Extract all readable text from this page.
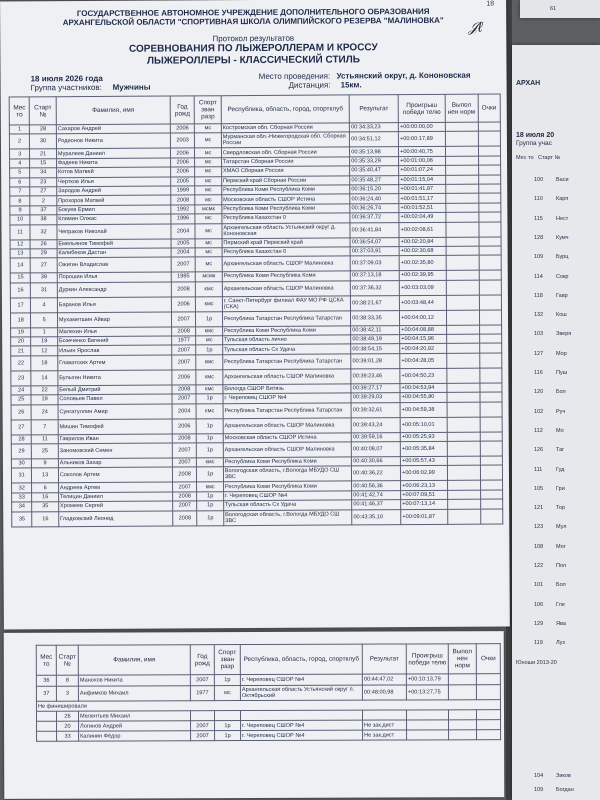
61
18
ГОСУДАРСТВЕННОЕ АВТОНОМНОЕ УЧРЕЖДЕНИЕ ДОПОЛНИТЕЛЬНОГО ОБРАЗОВАНИЯ
АРХАНГЕЛЬСКОЙ ОБЛАСТИ "СПОРТИВНАЯ ШКОЛА ОЛИМПИЙСКОГО РЕЗЕРВА "МАЛИНОВКА"	𝒥ℓ
Протокол результатов
СОРЕВНОВАНИЯ ПО ЛЫЖЕРОЛЛЕРАМ И КРОССУ
ЛЫЖЕРОЛЛЕРЫ - КЛАССИЧЕСКИЙ СТИЛЬ
18 июля 2026 года
Группа участников: Мужчины
Место проведения: Устьянский округ, д. Кононовская
Дистанция: 15км.
Мес то	Старт №	Фамилия, имя	Год рожд	Спорт зван разр	Республика, область, город, спортклуб	Результат	Проигрыш победи телю	Выпол нен норм	Очки
1	28	Сахаров Андрей	2006	мс	Костромская обл. Сборная России	00:34:33,23	+00:00:00,00		
2	30	Родионов Никита	2003	мс	Мурманская обл.-Нижегородская обл. Сборная России	00:34:51,12	+00:00:17,89		
3	21	Муралеев Даниил	2006	мс	Свердловская обл. Сборная России	00:35:13,98	+00:00:40,75		
4	15	Фадеев Никита	2006	мс	Татарстан Сборная России	00:35:33,29	+00:01:00,06		
5	34	Котов Матвей	2006	мс	ХМАО Сборная России	00:35:40,47	+00:01:07,24		
6	23	Чертков Илья	2005	мс	Пермский край Сборная России	00:35:48,27	+00:01:15,04		
7	27	Зародов Андрей	1999	мс	Республика Коми Республика Коми	00:36:15,20	+00:01:41,97		
8	2	Прохоров Матвей	2008	мс	Московская область СШОР Истина	00:36:24,40	+00:01:51,17		
9	37	Бокуев Ермил	1992	мсмк	Республика Коми Республика Коми	00:36:26,74	+00:01:52,51		
10	38	Климин Олжас	1996	мс	Республика Казахстан 0	00:36:37,72	+00:02:04,49		
11	32	Чепраков Николай	2004	мс	Архангельская область Устьянский округ д. Кононовская	00:36:41,84	+00:02:08,61		
12	26	Емельянов Тимофей	2005	мс	Пермский край Пермский край	00:36:54,07	+00:02:20,84		
13	29	Калибеков Дастан	2004	мс	Республика Казахстан 0	00:37:03,91	+00:02:30,68		
14	27	Ожигин Владислав	2007	мс	Архангельская область СШОР Малиновка	00:37:09,03	+00:02:35,80		
15	39	Порошин Илья	1985	мсмк	Республика Коми Республика Коми	00:37:13,18	+00:02:39,95		
16	31	Дуркин Александр	2008	кмс	Архангельская область СШОР Малиновка	00:37:36,32	+00:03:03,09		
17	4	Баранов Илья	2006	кмс	г. Санкт-Петербург филиал ФАУ МО РФ ЦСКА (СКА)	00:38:21,67	+00:03:48,44		
18	5	Мухаметшин Айвар	2007	1р	Республика Татарстан Республика Татарстан	00:38:33,35	+00:04:00,12		
19	1	Малехин Илья	2008	кмс	Республика Коми Республика Коми	00:38:42,11	+00:04:08,88		
20	19	Бозеченко Евгений	1977	мс	Тульская область лично	00:38:49,19	+00:04:15,96		
21	12	Ильин Ярослав	2007	1р	Тульская область Сх Удача	00:38:54,15	+00:04:20,92		
22	18	Главатских Артем	2007	кмс	Республика Татарстан Республика Татарстан	00:39:01,28	+00:04:28,05		
23	14	Булыгин Никита	2006	кмс	Архангельская область СШОР Малиновка	00:39:23,46	+00:04:50,23		
24	22	Белый Дмитрий	2008	кмс	Вологда СШОР Витязь	00:39:27,17	+00:04:53,94		
25	19	Соловьев Павел	2007	1р	г. Череповец СШОР №4	00:39:29,03	+00:04:55,80		
26	24	Сунгатуллин Амир	2004	кмс	Республика Татарстан Республика Татарстан	00:39:32,61	+00:04:59,38		
27	7	Мишин Тимофей	2006	1р	Архангельская область СШОР Малиновка	00:39:43,24	+00:05:10,01		
28	11	Гаврилов Иван	2008	1р	Московская область СШОР Истина	00:39:59,16	+00:05:25,93		
29	25	Заномовский Семен	2007	1р	Архангельская область СШОР Малиновка	00:40:09,07	+00:05:35,84		
30	9	Альников Захар	2007	кмс	Республика Коми Республика Коми	00:40:30,66	+00:05:57,43		
31	13	Соколов Артем	2008	1р	Вологодская область, г.Вологда МБУДО СШ ЗВС	00:40:36,22	+00:06:02,99		
32	6	Андреев Артем	2007	кмс	Республика Коми Республика Коми	00:40:56,36	+00:06:23,13		
33	16	Телицин Даниил	2008	1р	г. Череповец СШОР №4	00:41:42,74	+00:07:09,51		
34	35	Хромеев Сергей	2007	1р	Тульская область Сх Удача	00:41:46,37	+00:07:13,14		
35	16	Гладковский Леонид	2008	1р	Вологодская область, г.Вологда МБУДО СШ ЗВС	00:43:35,10	+00:09:01,87		
Мес то	Старт №	Фамилия, имя	Год рожд	Спорт зван разр	Республика, область, город, спортклуб	Результат	Проигрыш победи телю	Выпол нен норм	Очки
36	8	Манохов Никита	2007	1р	г. Череповец СШОР №4	00:44:47,02	+00:10:13,79		
37	3	Анфимков Михаил	1977	мс	Архангельская область Устьянский округ п. Октябрьский	00:48:00,98	+00:13:27,75		
Не финишировали									
	26	Мелентьев Михаил							
	20	Логинов Андрей	2007	1р	г. Череповец СШОР №4	Не зак.дист			
	33	Калинин Фёдор	2007	1р	г. Череповец СШОР №4	Не зак.дист			
АРХАН
18 июля 20
Группа учас
Мес то Старт №
100 Васи
110 Карп
115 Нест
128 Кумч
109 Бурц
114 Сокр
118 Гавр
132 Кош
103 Зверя
127 Мор
116 Пуш
120 Бол
102 Руч
112 Мо
126 Таг
111 Гуд
105 Гри
121 Тор
123 Мул
108 Мог
122 Пол
101 Бол
106 Гле
129 Ява
119 Луз
Юноши 2013-20
104 Зиков
109 Богдан
